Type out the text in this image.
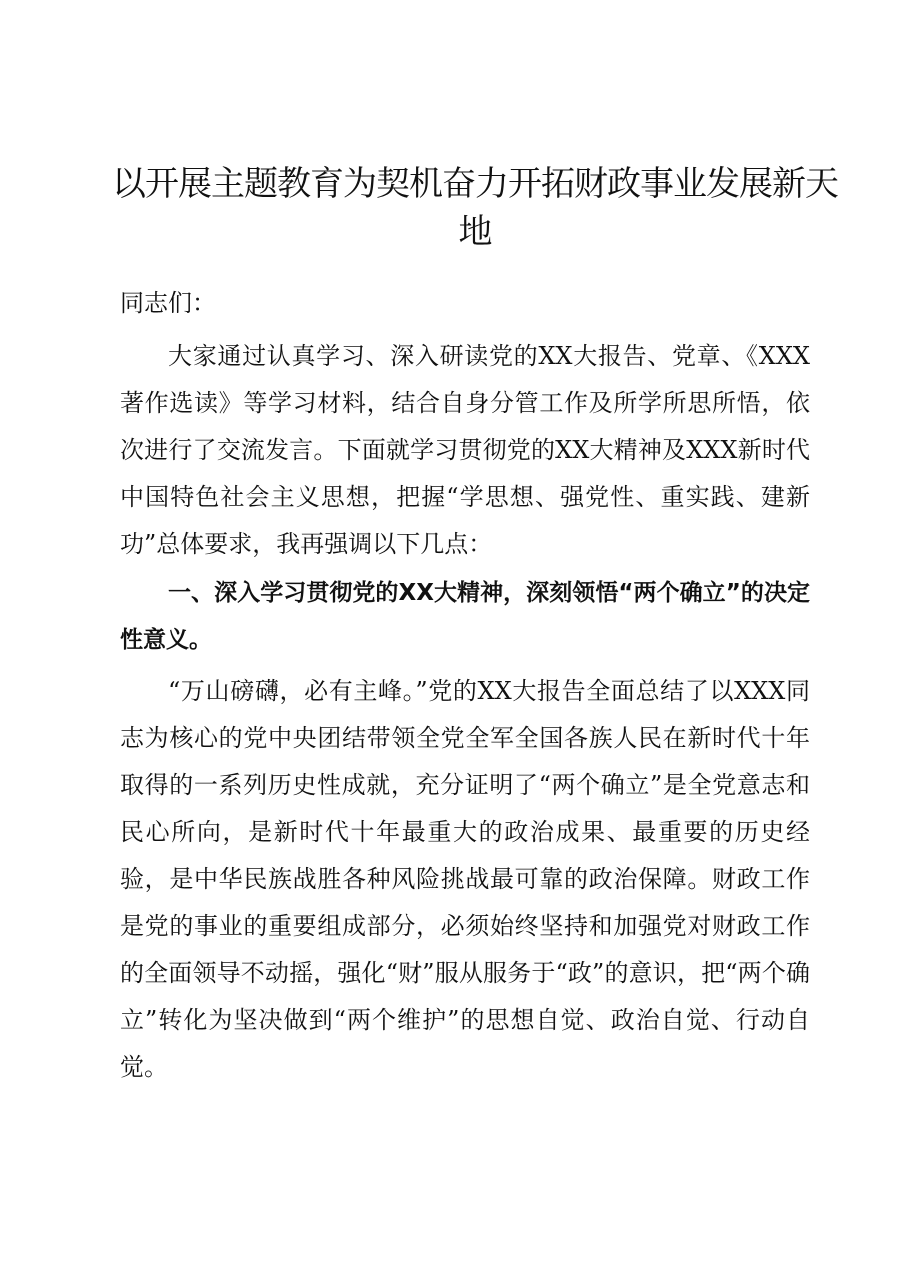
以开展主题教育为契机奋力开拓财政事业发展新天地

同志们：

大家通过认真学习、深入研读党的XX大报告、党章、《XXX著作选读》等学习材料，结合自身分管工作及所学所思所悟，依次进行了交流发言。下面就学习贯彻党的XX大精神及XXX新时代中国特色社会主义思想，把握“学思想、强党性、重实践、建新功”总体要求，我再强调以下几点：

一、深入学习贯彻党的XX大精神，深刻领悟“两个确立”的决定性意义。

“万山磅礴，必有主峰。”党的XX大报告全面总结了以XXX同志为核心的党中央团结带领全党全军全国各族人民在新时代十年取得的一系列历史性成就，充分证明了“两个确立”是全党意志和民心所向，是新时代十年最重大的政治成果、最重要的历史经验，是中华民族战胜各种风险挑战最可靠的政治保障。财政工作是党的事业的重要组成部分，必须始终坚持和加强党对财政工作的全面领导不动摇，强化“财”服从服务于“政”的意识，把“两个确立”转化为坚决做到“两个维护”的思想自觉、政治自觉、行动自觉。
